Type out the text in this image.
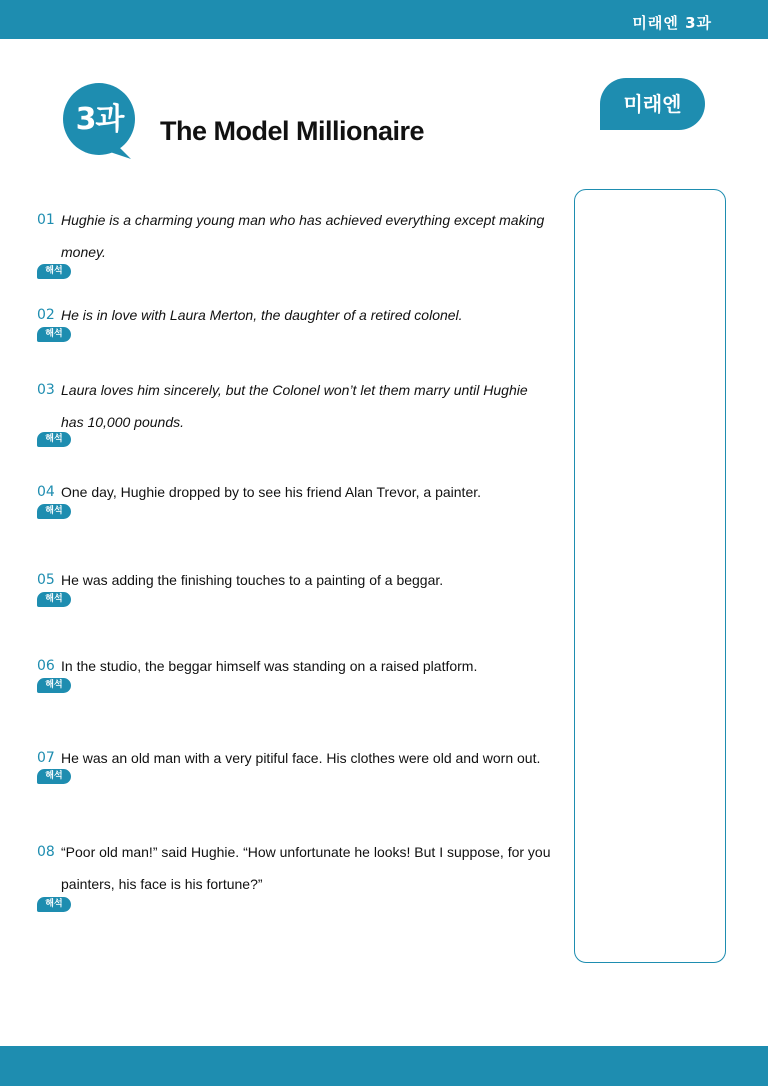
미래엔 3과
3과	The Model Millionaire
미래엔
01 Hughie is a charming young man who has achieved everything except making money.
해석
02 He is in love with Laura Merton, the daughter of a retired colonel.
해석
03 Laura loves him sincerely, but the Colonel won’t let them marry until Hughie has 10,000 pounds.
해석
04 One day, Hughie dropped by to see his friend Alan Trevor, a painter.
해석
05 He was adding the finishing touches to a painting of a beggar.
해석
06 In the studio, the beggar himself was standing on a raised platform.
해석
07 He was an old man with a very pitiful face. His clothes were old and worn out.
해석
08 “Poor old man!” said Hughie. “How unfortunate he looks! But I suppose, for you painters, his face is his fortune?”
해석
